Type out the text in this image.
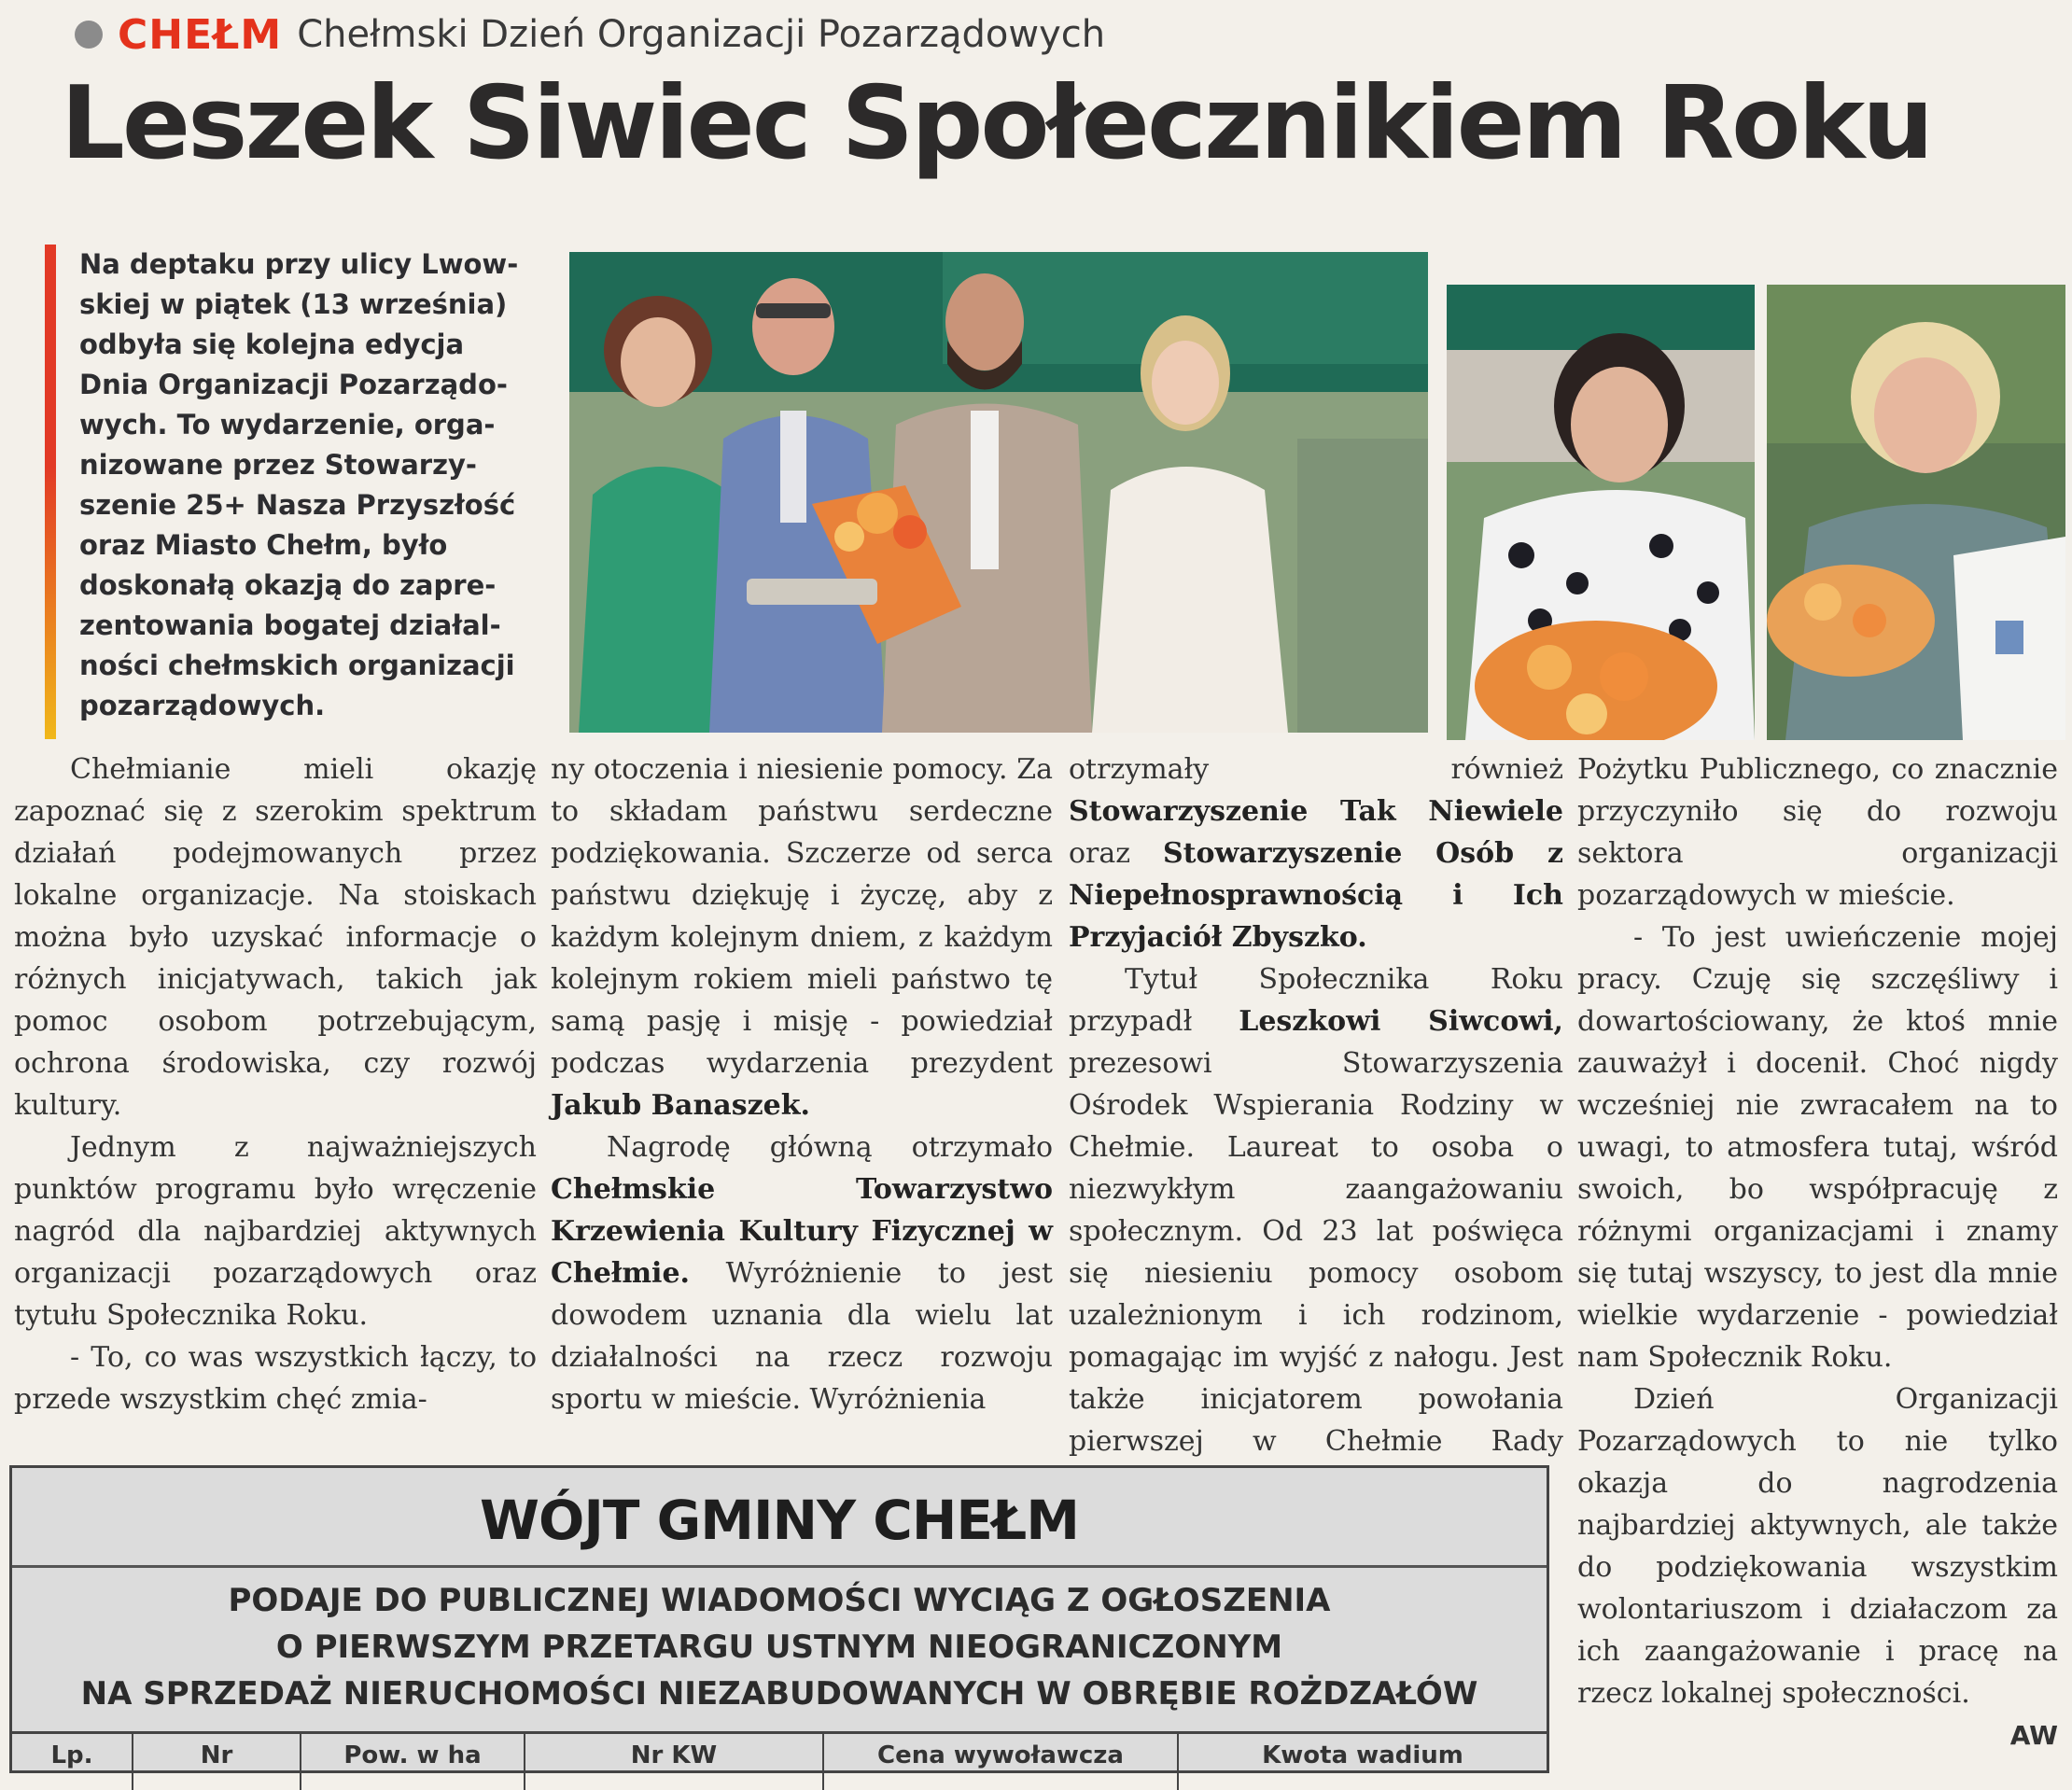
CHEŁM Chełmski Dzień Organizacji Pozarządowych
Leszek Siwiec Społecznikiem Roku

Na deptaku przy ulicy Lwow-

skiej w piątek (13 września)

odbyła się kolejna edycja

Dnia Organizacji Pozarządo-

wych. To wydarzenie, orga-

nizowane przez Stowarzy-

szenie 25+ Nasza Przyszłość

oraz Miasto Chełm, było

doskonałą okazją do zapre-

zentowania bogatej działal-

ności chełmskich organizacji

pozarządowych.

Chełmianie mieli okazję zapoznać się z szerokim spektrum działań podejmowanych przez lokalne organizacje. Na stoiskach można było uzyskać informacje o różnych inicjatywach, takich jak pomoc osobom potrzebującym, ochrona środowiska, czy rozwój kultury.

Jednym z najważniejszych punktów programu było wręczenie nagród dla najbardziej aktywnych organizacji pozarządowych oraz tytułu Społecznika Roku.

- To, co was wszystkich łączy, to przede wszystkim chęć zmia-

ny otoczenia i niesienie pomocy. Za to składam państwu serdeczne podziękowania. Szczerze od serca państwu dziękuję i życzę, aby z każdym kolejnym dniem, z każdym kolejnym rokiem mieli państwo tę samą pasję i misję - powiedział podczas wydarzenia prezydent Jakub Banaszek.

Nagrodę główną otrzymało Chełmskie Towarzystwo Krzewienia Kultury Fizycznej w Chełmie. Wyróżnienie to jest dowodem uznania dla wielu lat działalności na rzecz rozwoju sportu w mieście. Wyróżnienia

otrzymały również Stowarzyszenie Tak Niewiele oraz Stowarzyszenie Osób z Niepełnosprawnością i Ich Przyjaciół Zbyszko.

Tytuł Społecznika Roku przypadł Leszkowi Siwcowi, prezesowi Stowarzyszenia Ośrodek Wspierania Rodziny w Chełmie. Laureat to osoba o niezwykłym zaangażowaniu społecznym. Od 23 lat poświęca się niesieniu pomocy osobom uzależnionym i ich rodzinom, pomagając im wyjść z nałogu. Jest także inicjatorem powołania pierwszej w Chełmie Rady

Pożytku Publicznego, co znacznie przyczyniło się do rozwoju sektora organizacji pozarządowych w mieście.

- To jest uwieńczenie mojej pracy. Czuję się szczęśliwy i dowartościowany, że ktoś mnie zauważył i docenił. Choć nigdy wcześniej nie zwracałem na to uwagi, to atmosfera tutaj, wśród swoich, bo współpracuję z różnymi organizacjami i znamy się tutaj wszyscy, to jest dla mnie wielkie wydarzenie - powiedział nam Społecznik Roku.

Dzień Organizacji Pozarządowych to nie tylko okazja do nagrodzenia najbardziej aktywnych, ale także do podziękowania wszystkim wolontariuszom i działaczom za ich zaangażowanie i pracę na rzecz lokalnej społeczności.

AW
WÓJT GMINY CHEŁM
PODAJE DO PUBLICZNEJ WIADOMOŚCI WYCIĄG Z OGŁOSZENIA
O PIERWSZYM PRZETARGU USTNYM NIEOGRANICZONYM
NA SPRZEDAŻ NIERUCHOMOŚCI NIEZABUDOWANYCH W OBRĘBIE ROŻDZAŁÓW
Lp.	Nr	Pow. w ha	Nr KW	Cena wywoławcza	Kwota wadium
